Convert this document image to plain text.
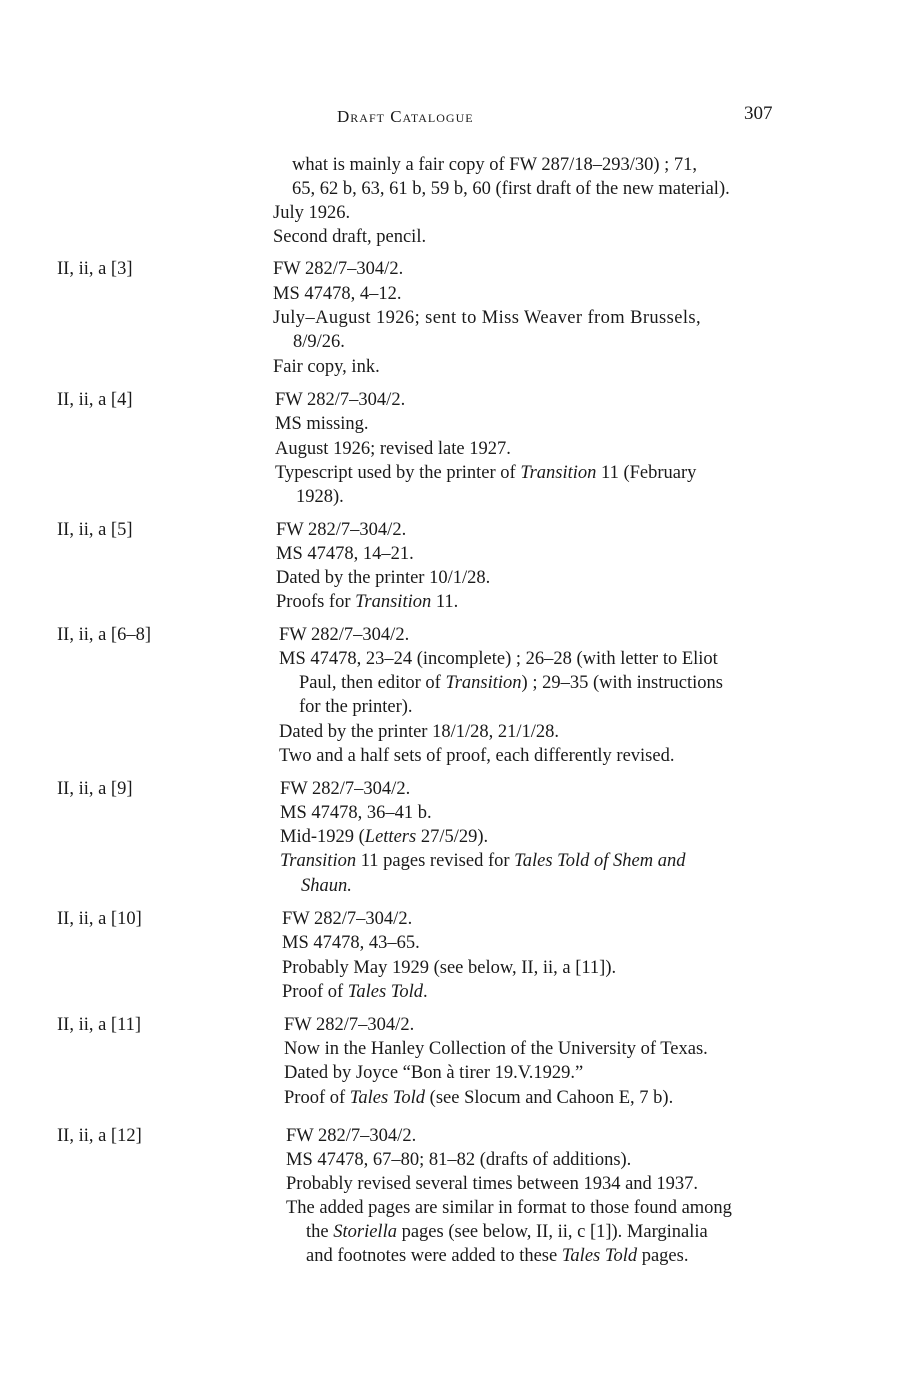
Draft Catalogue	307
what is mainly a fair copy of FW 287/18–293/30) ; 71,
65, 62 b, 63, 61 b, 59 b, 60 (first draft of the new material).
July 1926.
Second draft, pencil.
II, ii, a [3]	FW 282/7–304/2.
MS 47478, 4–12.
July–August 1926; sent to Miss Weaver from Brussels,
8/9/26.
Fair copy, ink.
II, ii, a [4]	FW 282/7–304/2.
MS missing.
August 1926; revised late 1927.
Typescript used by the printer of Transition 11 (February
1928).
II, ii, a [5]	FW 282/7–304/2.
MS 47478, 14–21.
Dated by the printer 10/1/28.
Proofs for Transition 11.
II, ii, a [6–8]	FW 282/7–304/2.
MS 47478, 23–24 (incomplete) ; 26–28 (with letter to Eliot
Paul, then editor of Transition) ; 29–35 (with instructions
for the printer).
Dated by the printer 18/1/28, 21/1/28.
Two and a half sets of proof, each differently revised.
II, ii, a [9]	FW 282/7–304/2.
MS 47478, 36–41 b.
Mid-1929 (Letters 27/5/29).
Transition 11 pages revised for Tales Told of Shem and
Shaun.
II, ii, a [10]	FW 282/7–304/2.
MS 47478, 43–65.
Probably May 1929 (see below, II, ii, a [11]).
Proof of Tales Told.
II, ii, a [11]	FW 282/7–304/2.
Now in the Hanley Collection of the University of Texas.
Dated by Joyce “Bon à tirer 19.V.1929.”
Proof of Tales Told (see Slocum and Cahoon E, 7 b).
II, ii, a [12]	FW 282/7–304/2.
MS 47478, 67–80; 81–82 (drafts of additions).
Probably revised several times between 1934 and 1937.
The added pages are similar in format to those found among
the Storiella pages (see below, II, ii, c [1]). Marginalia
and footnotes were added to these Tales Told pages.
